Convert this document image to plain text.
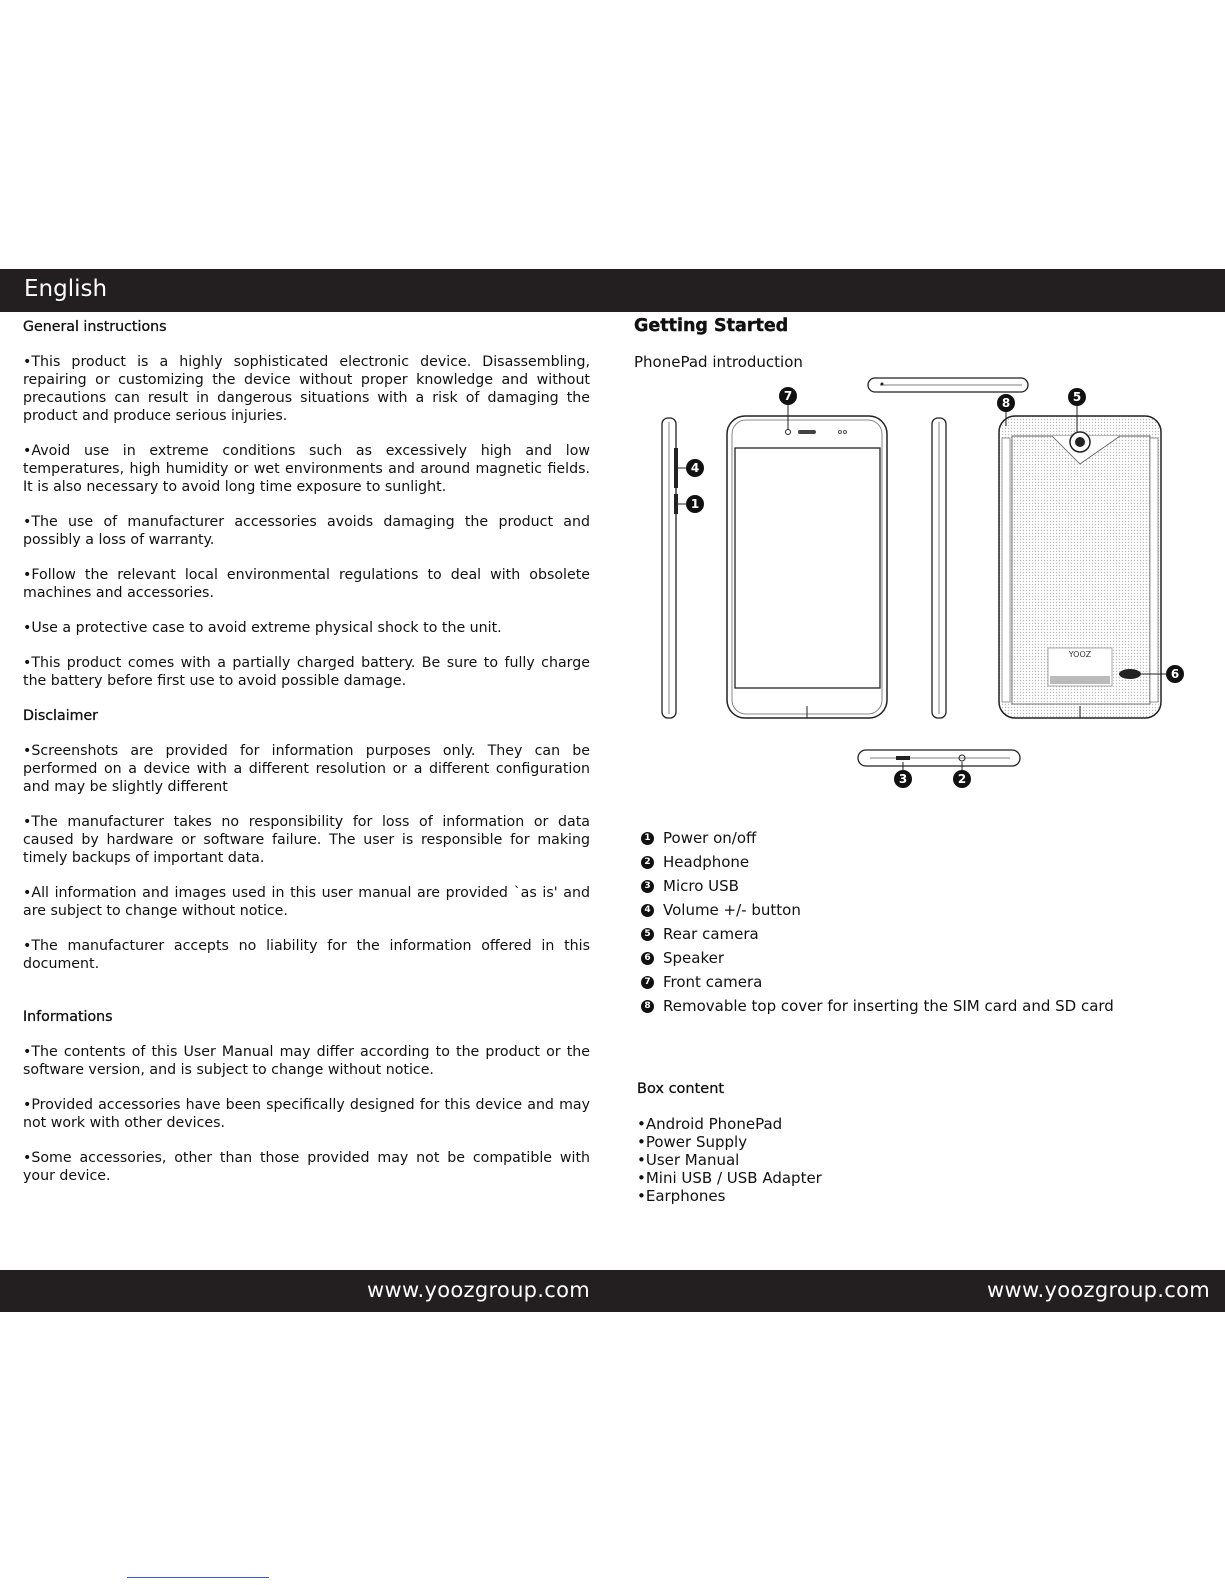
English
General instructions

•This product is a highly sophisticated electronic device. Disassembling, repairing or customizing the device without proper knowledge and without precautions can result in dangerous situations with a risk of damaging the product and produce serious injuries.

•Avoid use in extreme conditions such as excessively high and low temperatures, high humidity or wet environments and around magnetic fields. It is also necessary to avoid long time exposure to sunlight.

•The use of manufacturer accessories avoids damaging the product and possibly a loss of warranty.

•Follow the relevant local environmental regulations to deal with obsolete machines and accessories.

•Use a protective case to avoid extreme physical shock to the unit.

•This product comes with a partially charged battery. Be sure to fully charge the battery before first use to avoid possible damage.

Disclaimer

•Screenshots are provided for information purposes only. They can be performed on a device with a different resolution or a different configuration and may be slightly different

•The manufacturer takes no responsibility for loss of information or data caused by hardware or software failure. The user is responsible for making timely backups of important data.

•All information and images used in this user manual are provided `as is' and are subject to change without notice.

•The manufacturer accepts no liability for the information offered in this document.

Informations

•The contents of this User Manual may differ according to the product or the software version, and is subject to change without notice.

•Provided accessories have been specifically designed for this device and may not work with other devices.

•Some accessories, other than those provided may not be compatible with your device.

Getting Started
PhonePad introduction
YOOZ
7	8	5
4
1
6
3	2
1 Power on/off
2 Headphone
3 Micro USB
4 Volume +/- button
5 Rear camera
6 Speaker
7 Front camera
8 Removable top cover for inserting the SIM card and SD card
Box content
•Android PhonePad
•Power Supply
•User Manual
•Mini USB / USB Adapter
•Earphones
www.yoozgroup.com	www.yoozgroup.com
